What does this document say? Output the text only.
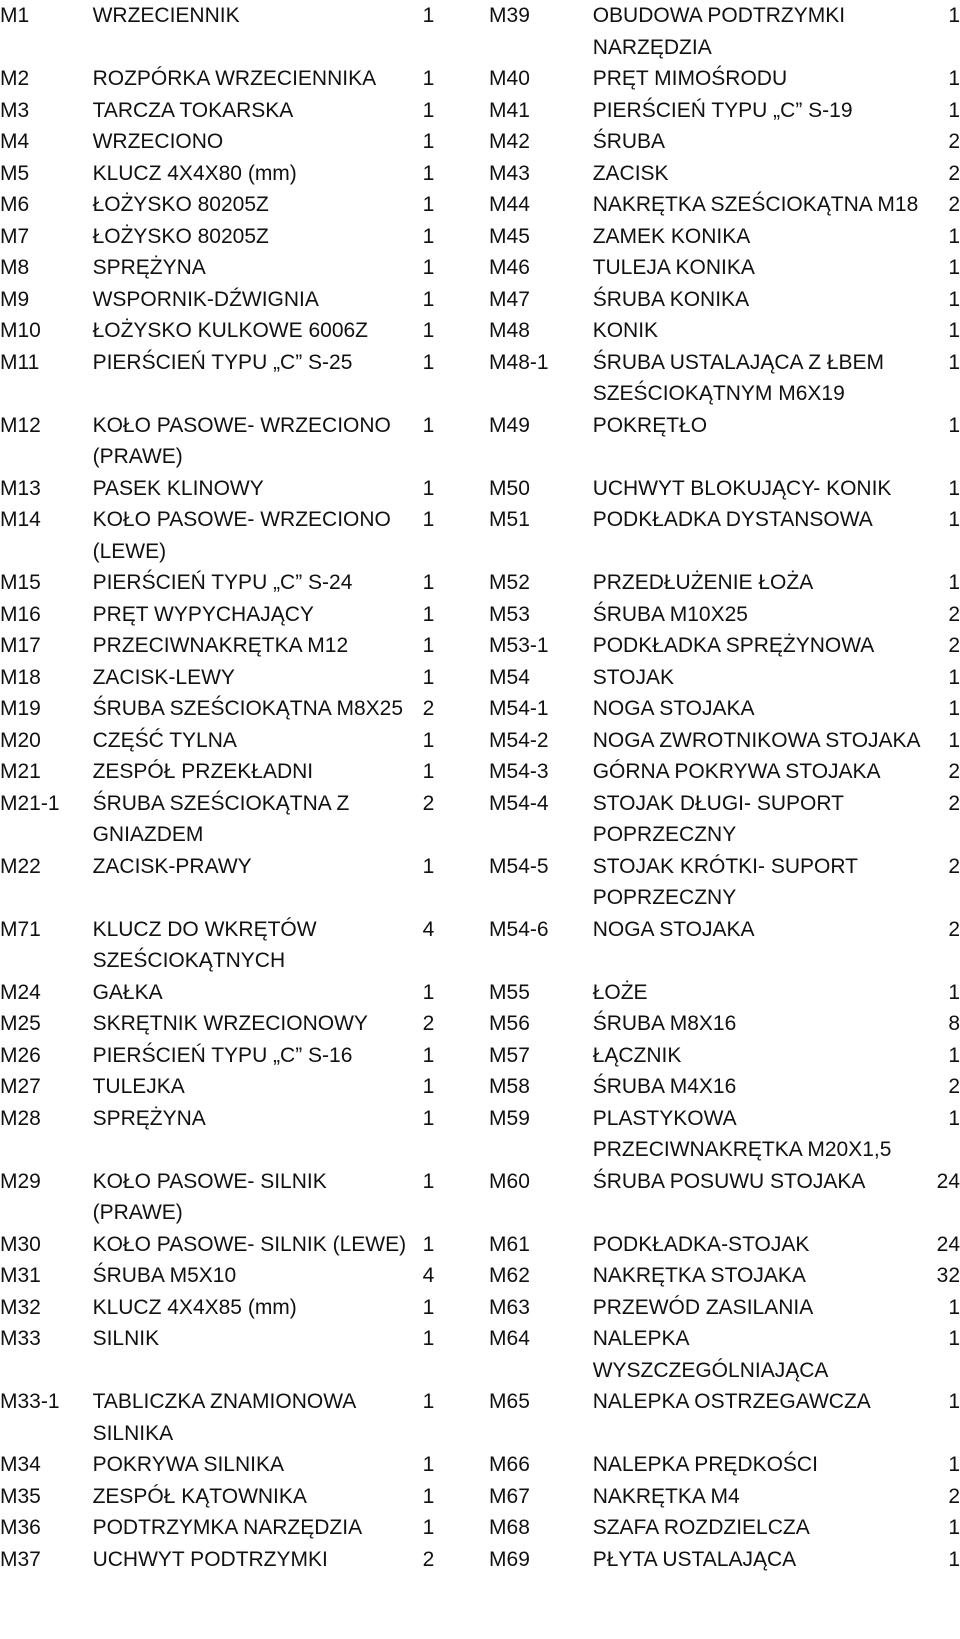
M1	WRZECIENNIK	1	M39	OBUDOWA PODTRZYMKI NARZĘDZIA	1
M2	ROZPÓRKA WRZECIENNIKA	1	M40	PRĘT MIMOŚRODU	1
M3	TARCZA TOKARSKA	1	M41	PIERŚCIEŃ TYPU „C” S-19	1
M4	WRZECIONO	1	M42	ŚRUBA	2
M5	KLUCZ 4X4X80 (mm)	1	M43	ZACISK	2
M6	ŁOŻYSKO 80205Z	1	M44	NAKRĘTKA SZEŚCIOKĄTNA M18	2
M7	ŁOŻYSKO 80205Z	1	M45	ZAMEK KONIKA	1
M8	SPRĘŻYNA	1	M46	TULEJA KONIKA	1
M9	WSPORNIK-DŹWIGNIA	1	M47	ŚRUBA KONIKA	1
M10	ŁOŻYSKO KULKOWE 6006Z	1	M48	KONIK	1
M11	PIERŚCIEŃ TYPU „C” S-25	1	M48-1	ŚRUBA USTALAJĄCA Z ŁBEM SZEŚCIOKĄTNYM M6X19	1
M12	KOŁO PASOWE- WRZECIONO (PRAWE)	1	M49	POKRĘTŁO	1
M13	PASEK KLINOWY	1	M50	UCHWYT BLOKUJĄCY- KONIK	1
M14	KOŁO PASOWE- WRZECIONO (LEWE)	1	M51	PODKŁADKA DYSTANSOWA	1
M15	PIERŚCIEŃ TYPU „C” S-24	1	M52	PRZEDŁUŻENIE ŁOŻA	1
M16	PRĘT WYPYCHAJĄCY	1	M53	ŚRUBA M10X25	2
M17	PRZECIWNAKRĘTKA M12	1	M53-1	PODKŁADKA SPRĘŻYNOWA	2
M18	ZACISK-LEWY	1	M54	STOJAK	1
M19	ŚRUBA SZEŚCIOKĄTNA M8X25	2	M54-1	NOGA STOJAKA	1
M20	CZĘŚĆ TYLNA	1	M54-2	NOGA ZWROTNIKOWA STOJAKA	1
M21	ZESPÓŁ PRZEKŁADNI	1	M54-3	GÓRNA POKRYWA STOJAKA	2
M21-1	ŚRUBA SZEŚCIOKĄTNA Z GNIAZDEM	2	M54-4	STOJAK DŁUGI- SUPORT POPRZECZNY	2
M22	ZACISK-PRAWY	1	M54-5	STOJAK KRÓTKI- SUPORT POPRZECZNY	2
M71	KLUCZ DO WKRĘTÓW SZEŚCIOKĄTNYCH	4	M54-6	NOGA STOJAKA	2
M24	GAŁKA	1	M55	ŁOŻE	1
M25	SKRĘTNIK WRZECIONOWY	2	M56	ŚRUBA M8X16	8
M26	PIERŚCIEŃ TYPU „C” S-16	1	M57	ŁĄCZNIK	1
M27	TULEJKA	1	M58	ŚRUBA M4X16	2
M28	SPRĘŻYNA	1	M59	PLASTYKOWA PRZECIWNAKRĘTKA M20X1,5	1
M29	KOŁO PASOWE- SILNIK (PRAWE)	1	M60	ŚRUBA POSUWU STOJAKA	24
M30	KOŁO PASOWE- SILNIK (LEWE)	1	M61	PODKŁADKA-STOJAK	24
M31	ŚRUBA M5X10	4	M62	NAKRĘTKA STOJAKA	32
M32	KLUCZ 4X4X85 (mm)	1	M63	PRZEWÓD ZASILANIA	1
M33	SILNIK	1	M64	NALEPKA WYSZCZEGÓLNIAJĄCA	1
M33-1	TABLICZKA ZNAMIONOWA SILNIKA	1	M65	NALEPKA OSTRZEGAWCZA	1
M34	POKRYWA SILNIKA	1	M66	NALEPKA PRĘDKOŚCI	1
M35	ZESPÓŁ KĄTOWNIKA	1	M67	NAKRĘTKA M4	2
M36	PODTRZYMKA NARZĘDZIA	1	M68	SZAFA ROZDZIELCZA	1
M37	UCHWYT PODTRZYMKI	2	M69	PŁYTA USTALAJĄCA	1
